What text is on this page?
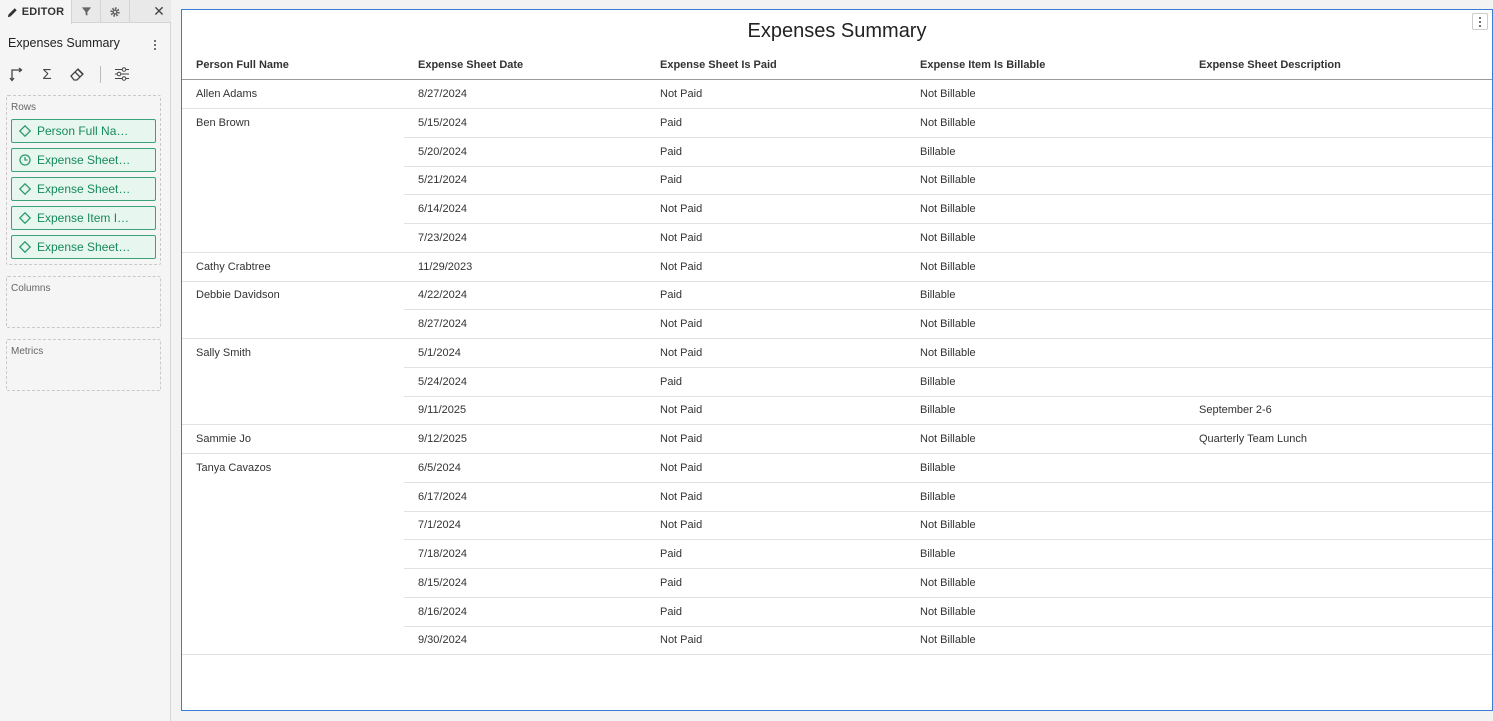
EDITOR	✕
Expenses Summary
Σ
Rows
Person Full Na…
Expense Sheet…
Expense Sheet…
Expense Item I…
Expense Sheet…
Columns
Metrics
Expenses Summary
Person Full Name	Expense Sheet Date	Expense Sheet Is Paid	Expense Item Is Billable	Expense Sheet Description
Allen Adams	8/27/2024	Not Paid	Not Billable
Ben Brown	5/15/2024	Paid	Not Billable
5/20/2024	Paid	Billable
5/21/2024	Paid	Not Billable
6/14/2024	Not Paid	Not Billable
7/23/2024	Not Paid	Not Billable
Cathy Crabtree	11/29/2023	Not Paid	Not Billable
Debbie Davidson	4/22/2024	Paid	Billable
8/27/2024	Not Paid	Not Billable
Sally Smith	5/1/2024	Not Paid	Not Billable
5/24/2024	Paid	Billable
9/11/2025	Not Paid	Billable	September 2-6
Sammie Jo	9/12/2025	Not Paid	Not Billable	Quarterly Team Lunch
Tanya Cavazos	6/5/2024	Not Paid	Billable
6/17/2024	Not Paid	Billable
7/1/2024	Not Paid	Not Billable
7/18/2024	Paid	Billable
8/15/2024	Paid	Not Billable
8/16/2024	Paid	Not Billable
9/30/2024	Not Paid	Not Billable
